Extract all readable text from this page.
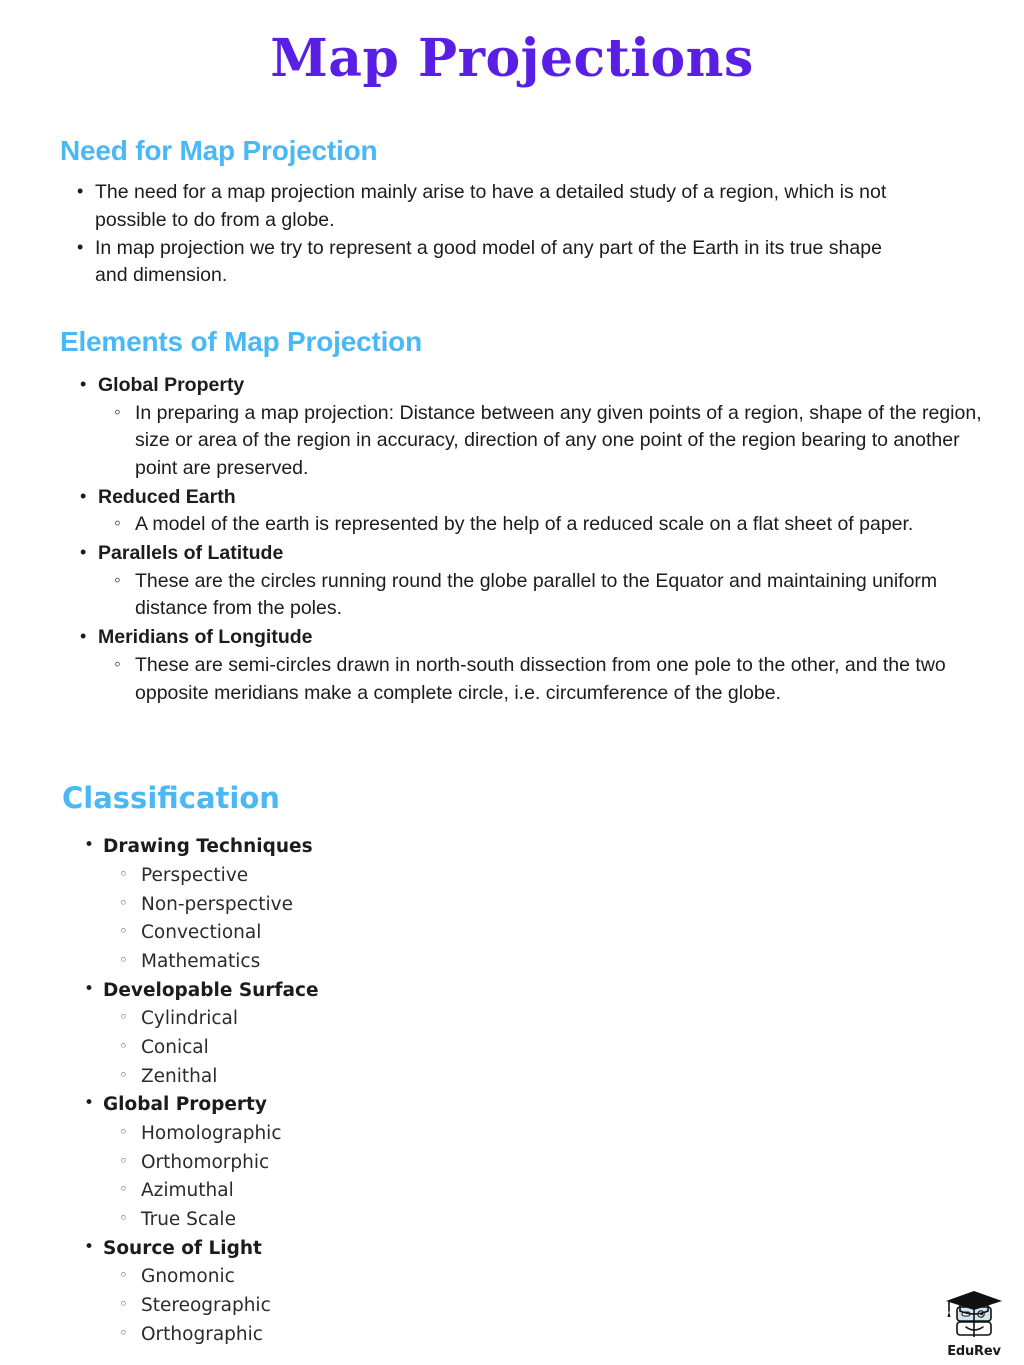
Map Projections
Need for Map Projection
• The need for a map projection mainly arise to have a detailed study of a region, which is not possible to do from a globe.
• In map projection we try to represent a good model of any part of the Earth in its true shape and dimension.
Elements of Map Projection
• Global Property
◦ In preparing a map projection: Distance between any given points of a region, shape of the region, size or area of the region in accuracy, direction of any one point of the region bearing to another point are preserved.
• Reduced Earth
◦ A model of the earth is represented by the help of a reduced scale on a flat sheet of paper.
• Parallels of Latitude
◦ These are the circles running round the globe parallel to the Equator and maintaining uniform distance from the poles.
• Meridians of Longitude
◦ These are semi-circles drawn in north-south dissection from one pole to the other, and the two opposite meridians make a complete circle, i.e. circumference of the globe.
Classification
• Drawing Techniques
◦ Perspective
◦ Non-perspective
◦ Convectional
◦ Mathematics
• Developable Surface
◦ Cylindrical
◦ Conical
◦ Zenithal
• Global Property
◦ Homolographic
◦ Orthomorphic
◦ Azimuthal
◦ True Scale
• Source of Light
◦ Gnomonic
◦ Stereographic
◦ Orthographic
EduRev
